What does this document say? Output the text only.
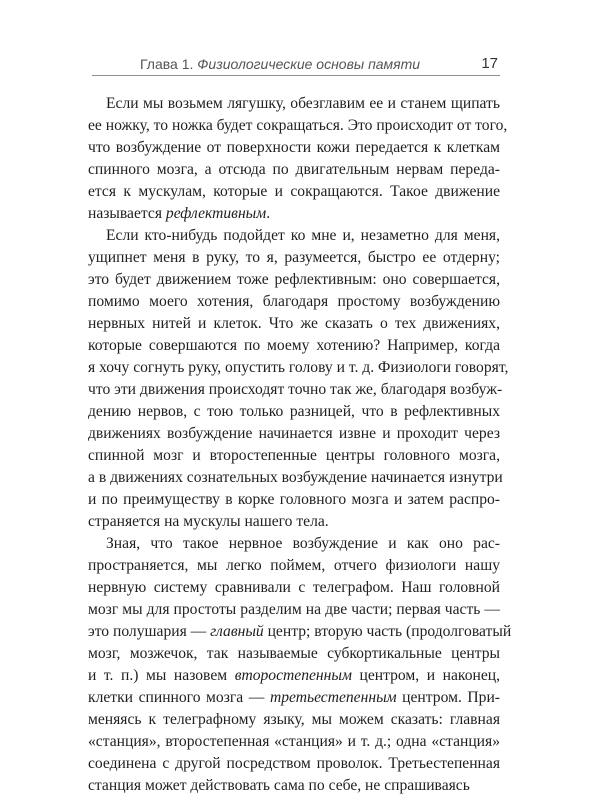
Глава 1. Физиологические основы памяти	17
Если мы возьмем лягушку, обезглавим ее и станем щипать
ее ножку, то ножка будет сокращаться. Это происходит от того,
что возбуждение от поверхности кожи передается к клеткам
спинного мозга, а отсюда по двигательным нервам переда-
ется к мускулам, которые и сокращаются. Такое движение
называется рефлективным.
Если кто-нибудь подойдет ко мне и, незаметно для меня,
ущипнет меня в руку, то я, разумеется, быстро ее отдерну;
это будет движением тоже рефлективным: оно совершается,
помимо моего хотения, благодаря простому возбуждению
нервных нитей и клеток. Что же сказать о тех движениях,
которые совершаются по моему хотению? Например, когда
я хочу согнуть руку, опустить голову и т. д. Физиологи говорят,
что эти движения происходят точно так же, благодаря возбуж-
дению нервов, с тою только разницей, что в рефлективных
движениях возбуждение начинается извне и проходит через
спинной мозг и второстепенные центры головного мозга,
а в движениях сознательных возбуждение начинается изнутри
и по преимуществу в корке головного мозга и затем распро-
страняется на мускулы нашего тела.
Зная, что такое нервное возбуждение и как оно рас-
пространяется, мы легко поймем, отчего физиологи нашу
нервную систему сравнивали с телеграфом. Наш головной
мозг мы для простоты разделим на две части; первая часть —
это полушария — главный центр; вторую часть (продолговатый
мозг, мозжечок, так называемые субкортикальные центры
и т. п.) мы назовем второстепенным центром, и наконец,
клетки спинного мозга — третьестепенным центром. При-
меняясь к телеграфному языку, мы можем сказать: главная
«станция», второстепенная «станция» и т. д.; одна «станция»
соединена с другой посредством проволок. Третьестепенная
станция может действовать сама по себе, не спрашиваясь
